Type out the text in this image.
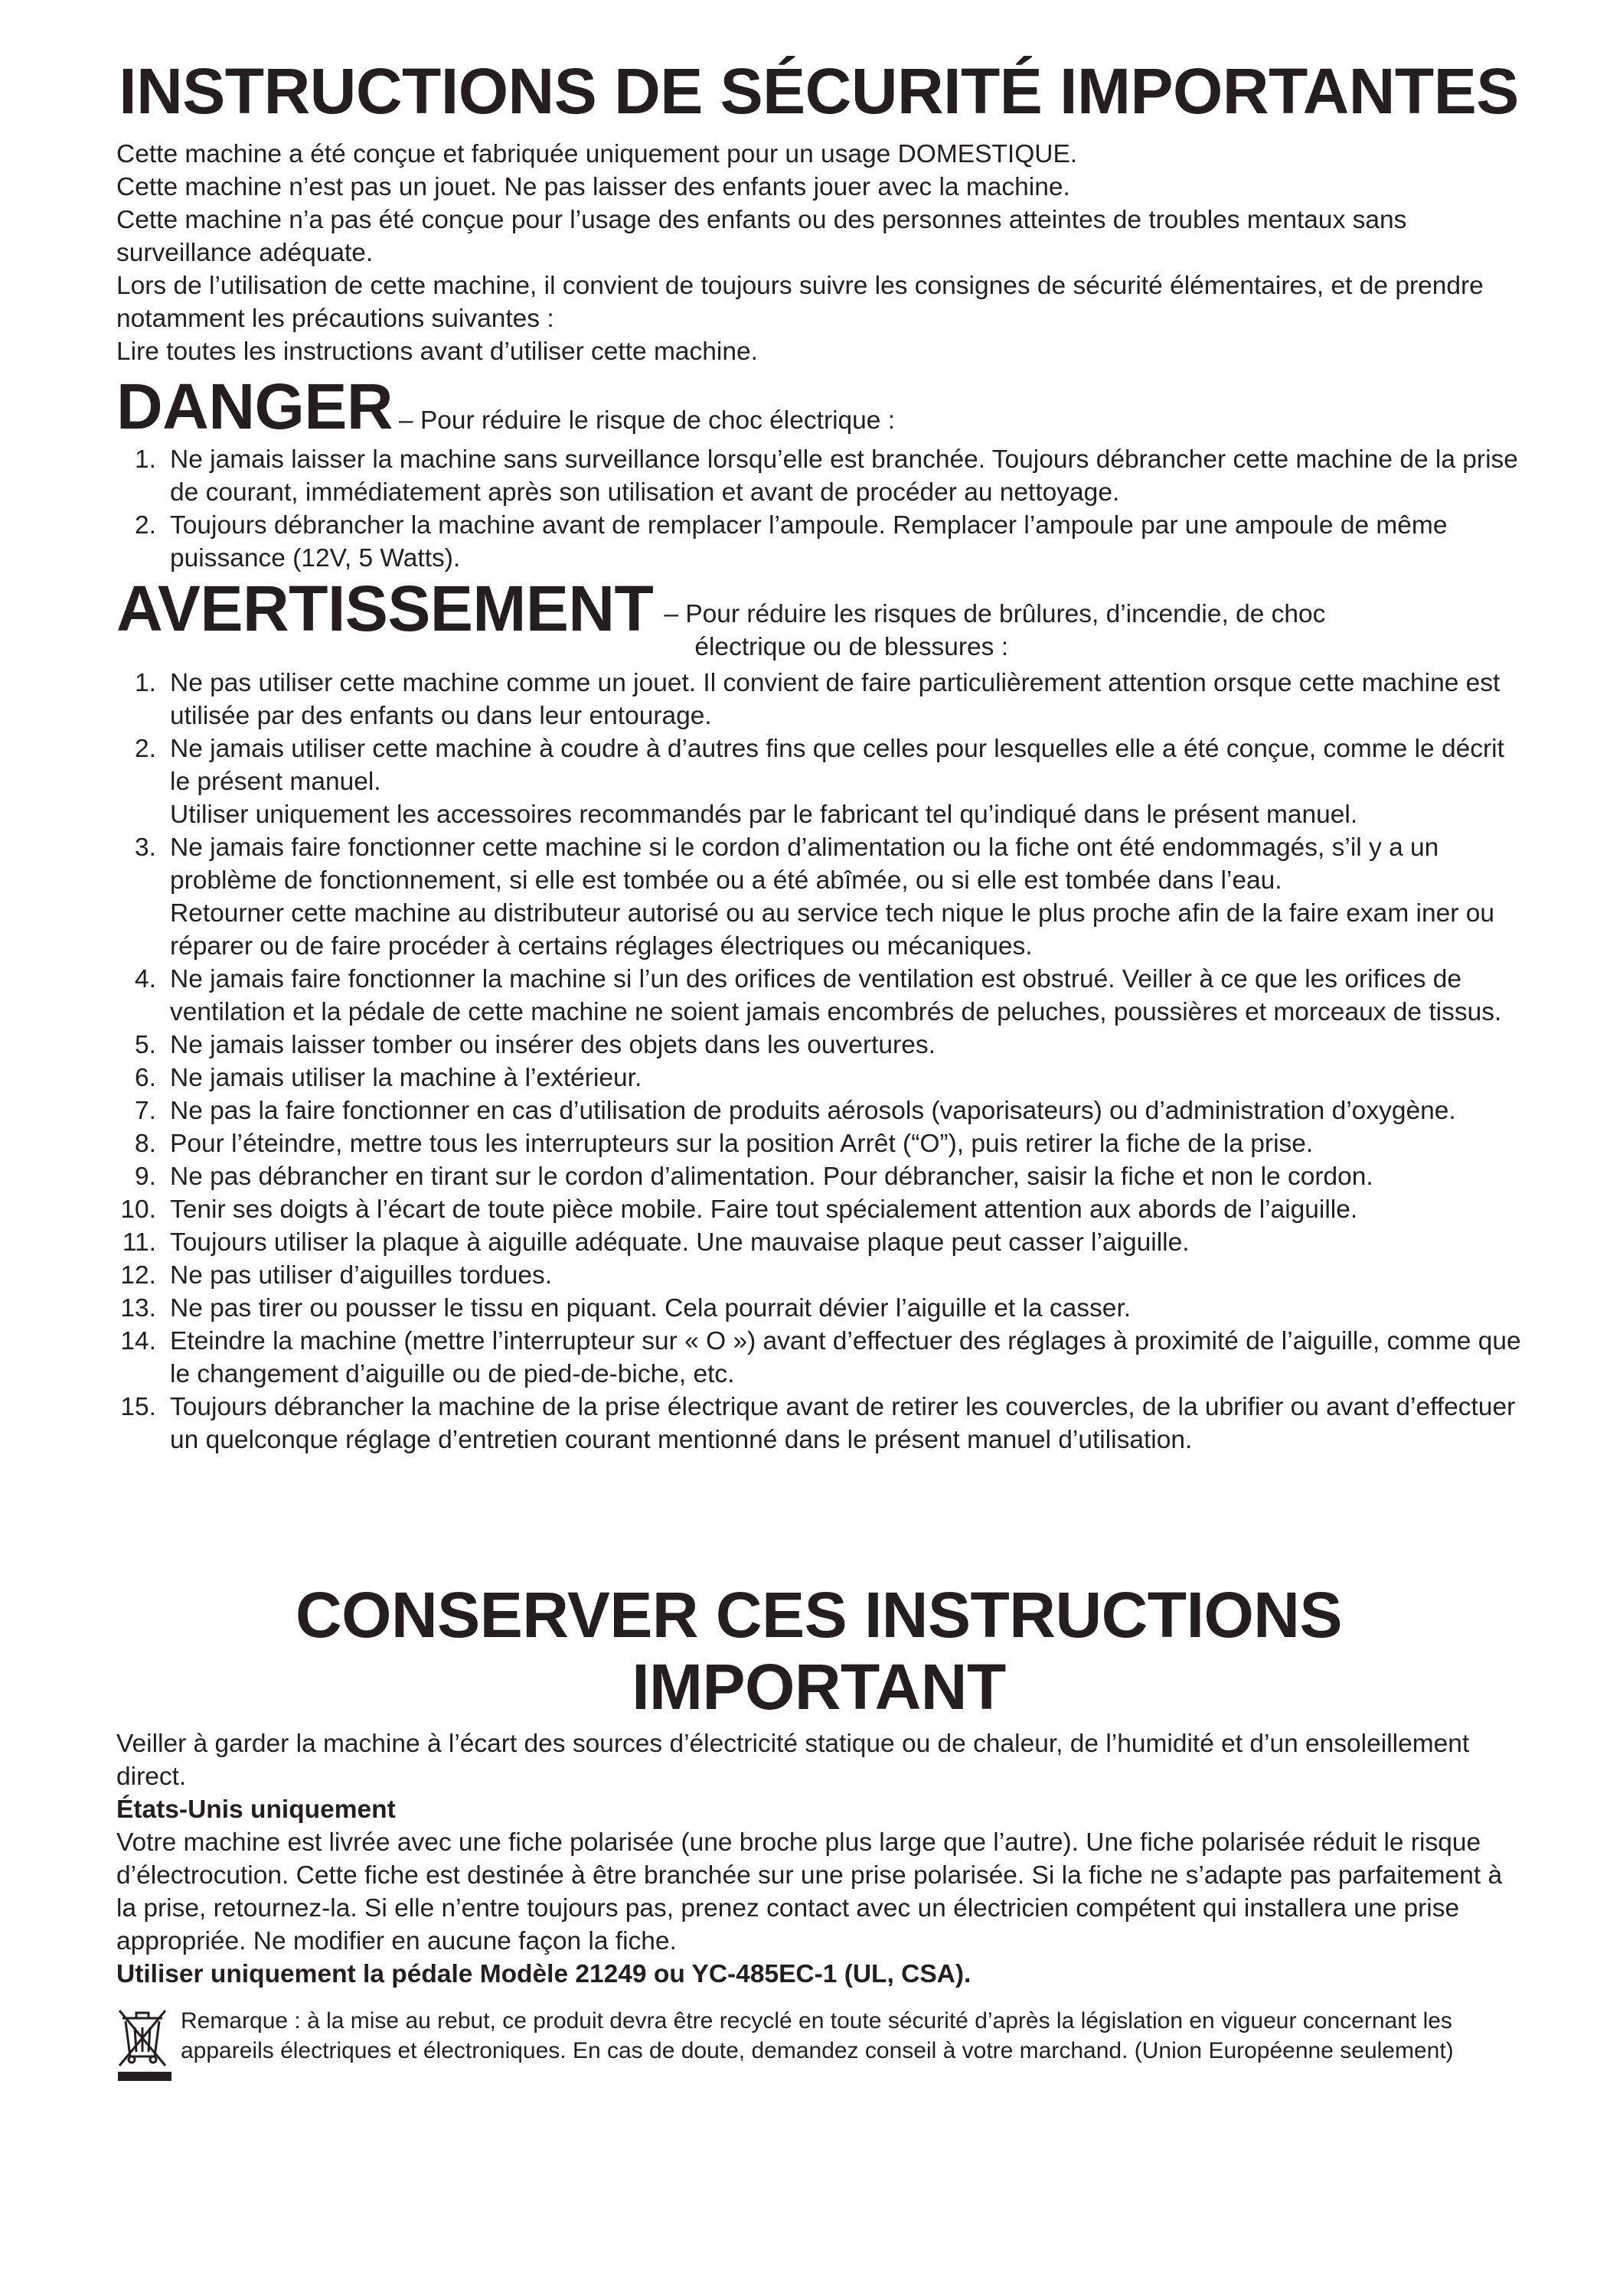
INSTRUCTIONS DE SÉCURITÉ IMPORTANTES

Cette machine a été conçue et fabriquée uniquement pour un usage DOMESTIQUE.

Cette machine n’est pas un jouet. Ne pas laisser des enfants jouer avec la machine.

Cette machine n’a pas été conçue pour l’usage des enfants ou des personnes atteintes de troubles mentaux sans surveillance adéquate.

Lors de l’utilisation de cette machine, il convient de toujours suivre les consignes de sécurité élémentaires, et de prendre notamment les précautions suivantes :

Lire toutes les instructions avant d’utiliser cette machine.

DANGER – Pour réduire le risque de choc électrique :
1. Ne jamais laisser la machine sans surveillance lorsqu’elle est branchée. Toujours débrancher cette machine de la prise de courant, immédiatement après son utilisation et avant de procéder au nettoyage.
2. Toujours débrancher la machine avant de remplacer l’ampoule. Remplacer l’ampoule par une ampoule de même puissance (12V, 5 Watts).
AVERTISSEMENT – Pour réduire les risques de brûlures, d’incendie, de choc
électrique ou de blessures :
1. Ne pas utiliser cette machine comme un jouet. Il convient de faire particulièrement attention orsque cette machine est utilisée par des enfants ou dans leur entourage.
2. Ne jamais utiliser cette machine à coudre à d’autres fins que celles pour lesquelles elle a été conçue, comme le décrit le présent manuel.
Utiliser uniquement les accessoires recommandés par le fabricant tel qu’indiqué dans le présent manuel.
3. Ne jamais faire fonctionner cette machine si le cordon d’alimentation ou la fiche ont été endommagés, s’il y a un problème de fonctionnement, si elle est tombée ou a été abîmée, ou si elle est tombée dans l’eau.
Retourner cette machine au distributeur autorisé ou au service tech nique le plus proche afin de la faire exam iner ou réparer ou de faire procéder à certains réglages électriques ou mécaniques.
4. Ne jamais faire fonctionner la machine si l’un des orifices de ventilation est obstrué. Veiller à ce que les orifices de ventilation et la pédale de cette machine ne soient jamais encombrés de peluches, poussières et morceaux de tissus.
5. Ne jamais laisser tomber ou insérer des objets dans les ouvertures.
6. Ne jamais utiliser la machine à l’extérieur.
7. Ne pas la faire fonctionner en cas d’utilisation de produits aérosols (vaporisateurs) ou d’administration d’oxygène.
8. Pour l’éteindre, mettre tous les interrupteurs sur la position Arrêt (“O”), puis retirer la fiche de la prise.
9. Ne pas débrancher en tirant sur le cordon d’alimentation. Pour débrancher, saisir la fiche et non le cordon.
10. Tenir ses doigts à l’écart de toute pièce mobile. Faire tout spécialement attention aux abords de l’aiguille.
11. Toujours utiliser la plaque à aiguille adéquate. Une mauvaise plaque peut casser l’aiguille.
12. Ne pas utiliser d’aiguilles tordues.
13. Ne pas tirer ou pousser le tissu en piquant. Cela pourrait dévier l’aiguille et la casser.
14. Eteindre la machine (mettre l’interrupteur sur « O ») avant d’effectuer des réglages à proximité de l’aiguille, comme que le changement d’aiguille ou de pied-de-biche, etc.
15. Toujours débrancher la machine de la prise électrique avant de retirer les couvercles, de la ubrifier ou avant d’effectuer un quelconque réglage d’entretien courant mentionné dans le présent manuel d’utilisation.
CONSERVER CES INSTRUCTIONS
IMPORTANT

Veiller à garder la machine à l’écart des sources d’électricité statique ou de chaleur, de l’humidité et d’un ensoleillement direct.

États-Unis uniquement

Votre machine est livrée avec une fiche polarisée (une broche plus large que l’autre). Une fiche polarisée réduit le risque d’électrocution. Cette fiche est destinée à être branchée sur une prise polarisée. Si la fiche ne s’adapte pas parfaitement à la prise, retournez-la. Si elle n’entre toujours pas, prenez contact avec un électricien compétent qui installera une prise appropriée. Ne modifier en aucune façon la fiche.

Utiliser uniquement la pédale Modèle 21249 ou YC-485EC-1 (UL, CSA).

Remarque : à la mise au rebut, ce produit devra être recyclé en toute sécurité d’après la législation en vigueur concernant les appareils électriques et électroniques. En cas de doute, demandez conseil à votre marchand. (Union Européenne seulement)
